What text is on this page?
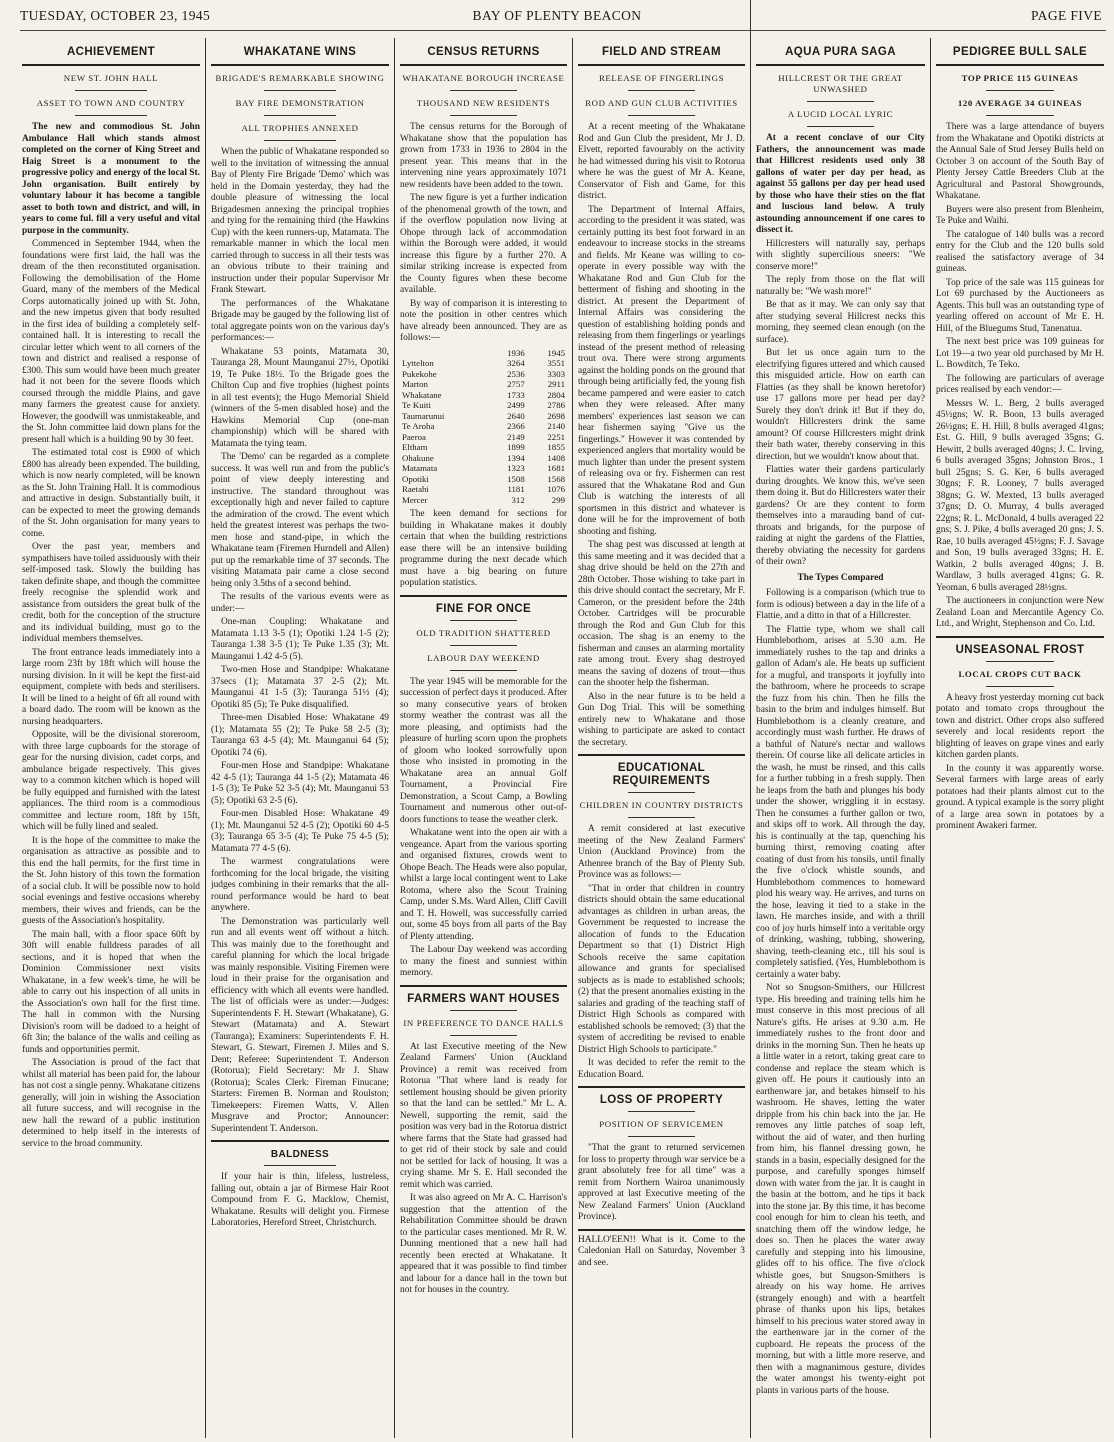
TUESDAY, OCTOBER 23, 1945	BAY OF PLENTY BEACON	PAGE FIVE
ACHIEVEMENT
NEW ST. JOHN HALL
ASSET TO TOWN AND COUNTRY

The new and commodious St. John Ambulance Hall which stands almost completed on the corner of King Street and Haig Street is a monument to the progressive policy and energy of the local St. John organisation. Built entirely by voluntary labour it has become a tangible asset to both town and district, and will, in years to come ful. fill a very useful and vital purpose in the community.

Commenced in September 1944, when the foundations were first laid, the hall was the dream of the then reconstituted organisation. Following the demobilisation of the Home Guard, many of the members of the Medical Corps automatically joined up with St. John, and the new impetus given that body resulted in the first idea of building a completely self-contained hall. It is interesting to recall the circular letter which went to all corners of the town and district and realised a response of £300. This sum would have been much greater had it not been for the severe floods which coursed through the middle Plains, and gave many farmers the greatest cause for anxiety. However, the goodwill was unmistakeable, and the St. John committee laid down plans for the present hall which is a building 90 by 30 feet.

The estimated total cost is £900 of which £800 has already been expended. The building, which is now nearly completed, will be known as the St. John Training Hall. It is commodious and attractive in design. Substantially built, it can be expected to meet the growing demands of the St. John organisation for many years to come.

Over the past year, members and sympathisers have toiled assiduously with their self-imposed task. Slowly the building has taken definite shape, and though the committee freely recognise the splendid work and assistance from outsiders the great bulk of the credit, both for the conception of the structure and its individual building, must go to the individual members themselves.

The front entrance leads immediately into a large room 23ft by 18ft which will house the nursing division. In it will be kept the first-aid equipment, complete with beds and sterilisers. It will be lined to a height of 6ft all round with a board dado. The room will be known as the nursing headquarters.

Opposite, will be the divisional storeroom, with three large cupboards for the storage of gear for the nursing division, cadet corps, and ambulance brigade respectively. This gives way to a common kitchen which is hoped will be fully equipped and furnished with the latest appliances. The third room is a commodious committee and lecture room, 18ft by 15ft, which will be fully lined and sealed.

It is the hope of the committee to make the organisation as attractive as possible and to this end the hall permits, for the first time in the St. John history of this town the formation of a social club. It will be possible now to hold social evenings and festive occasions whereby members, their wives and friends, can be the guests of the Association's hospitality.

The main hall, with a floor space 60ft by 30ft will enable fulldress parades of all sections, and it is hoped that when the Dominion Commissioner next visits Whakatane, in a few week's time, he will be able to carry out his inspection of all units in the Association's own hall for the first time. The hall in common with the Nursing Division's room will be dadoed to a height of 6ft 3in; the balance of the walls and ceiling as funds and opportunities permit.

The Association is proud of the fact that whilst all material has been paid for, the labour has not cost a single penny. Whakatane citizens generally, will join in wishing the Association all future success, and will recognise in the new hall the reward of a public institution determined to help itself in the interests of service to the broad community.

WHAKATANE WINS
BRIGADE'S REMARKABLE SHOWING
BAY FIRE DEMONSTRATION
ALL TROPHIES ANNEXED

When the public of Whakatane responded so well to the invitation of witnessing the annual Bay of Plenty Fire Brigade 'Demo' which was held in the Domain yesterday, they had the double pleasure of witnessing the local Brigadesmen annexing the principal trophies and tying for the remaining third (the Hawkins Cup) with the keen runners-up, Matamata. The remarkable manner in which the local men carried through to success in all their tests was an obvious tribute to their training and instruction under their popular Supervisor Mr Frank Stewart.

The performances of the Whakatane Brigade may be gauged by the following list of total aggregate points won on the various day's performances:—

Whakatane 53 points, Matamata 30, Tauranga 28, Mount Maunganui 27½, Opotiki 19, Te Puke 18½. To the Brigade goes the Chilton Cup and five trophies (highest points in all test events); the Hugo Memorial Shield (winners of the 5-men disabled hose) and the Hawkins Memorial Cup (one-man championship) which will be shared with Matamata the tying team.

The 'Demo' can be regarded as a complete success. It was well run and from the public's point of view deeply interesting and instructive. The standard throughout was exceptionally high and never failed to capture the admiration of the crowd. The event which held the greatest interest was perhaps the two-men hose and stand-pipe, in which the Whakatane team (Firemen Hurndell and Allen) put up the remarkable time of 37 seconds. The visiting Matamata pair came a close second being only 3.5ths of a second behind.

The results of the various events were as under:—

One-man Coupling: Whakatane and Matamata 1.13 3-5 (1); Opotiki 1.24 1-5 (2); Tauranga 1.38 3-5 (1); Te Puke 1.35 (3); Mt. Maunganui 1.42 4-5 (5).

Two-men Hose and Standpipe: Whakatane 37secs (1); Matamata 37 2-5 (2); Mt. Maunganui 41 1-5 (3); Tauranga 51½ (4); Opotiki 85 (5); Te Puke disqualified.

Three-men Disabled Hose: Whakatane 49 (1); Matamata 55 (2); Te Puke 58 2-5 (3); Tauranga 63 4-5 (4); Mt. Maunganui 64 (5); Opotiki 74 (6).

Four-men Hose and Standpipe: Whakatane 42 4-5 (1); Tauranga 44 1-5 (2); Matamata 46 1-5 (3); Te Puke 52 3-5 (4); Mt. Maunganui 53 (5); Opotiki 63 2-5 (6).

Four-men Disabled Hose: Whakatane 49 (1); Mt. Maunganui 52 4-5 (2); Opotiki 60 4-5 (3); Tauranga 65 3-5 (4); Te Puke 75 4-5 (5); Matamata 77 4-5 (6).

The warmest congratulations were forthcoming for the local brigade, the visiting judges combining in their remarks that the all-round performance would be hard to beat anywhere.

The Demonstration was particularly well run and all events went off without a hitch. This was mainly due to the forethought and careful planning for which the local brigade was mainly responsible. Visiting Firemen were loud in their praise for the organisation and efficiency with which all events were handled. The list of officials were as under:—Judges: Superintendents F. H. Stewart (Whakatane), G. Stewart (Matamata) and A. Stewart (Tauranga); Examiners: Superintendents F. H. Stewart, G. Stewart, Firemen J. Miles and S. Dent; Referee: Superintendent T. Anderson (Rotorua); Field Secretary: Mr J. Shaw (Rotorua); Scales Clerk: Fireman Finucane; Starters: Firemen B. Norman and Roulston; Timekeepers: Firemen Watts, V. Allen Musgrave and Proctor; Announcer: Superintendent T. Anderson.

BALDNESS

If your hair is thin, lifeless, lustreless, falling out, obtain a jar of Birmese Hair Root Compound from F. G. Macklow, Chemist, Whakatane. Results will delight you. Firmese Laboratories, Hereford Street, Christchurch.

CENSUS RETURNS
WHAKATANE BOROUGH INCREASE
THOUSAND NEW RESIDENTS

The census returns for the Borough of Whakatane show that the population has grown from 1733 in 1936 to 2804 in the present year. This means that in the intervening nine years approximately 1071 new residents have been added to the town.

The new figure is yet a further indication of the phenomenal growth of the town, and if the overflow population now living at Ohope through lack of accommodation within the Borough were added, it would increase this figure by a further 270. A similar striking increase is expected from the County figures when these become available.

By way of comparison it is interesting to note the position in other centres which have already been announced. They are as follows:—

	1936	1945
Lyttelton	3264	3551
Pukekohe	2536	3303
Marton	2757	2911
Whakatane	1733	2804
Te Kuiti	2499	2786
Taumarunui	2640	2698
Te Aroha	2366	2140
Paeroa	2149	2251
Eltham	1899	1855
Ohakune	1394	1408
Matamata	1323	1681
Opotiki	1508	1568
Raetahi	1181	1076
Mercer	312	299

The keen demand for sections for building in Whakatane makes it doubly certain that when the building restrictions ease there will be an intensive building programme during the next decade which must have a big bearing on future population statistics.

FINE FOR ONCE
OLD TRADITION SHATTERED
LABOUR DAY WEEKEND

The year 1945 will be memorable for the succession of perfect days it produced. After so many consecutive years of broken stormy weather the contrast was all the more pleasing, and optimists had the pleasure of hurling scorn upon the prophets of gloom who looked sorrowfully upon those who insisted in promoting in the Whakatane area an annual Golf Tournament, a Provincial Fire Demonstration, a Scout Camp, a Bowling Tournament and numerous other out-of-doors functions to tease the weather clerk.

Whakatane went into the open air with a vengeance. Apart from the various sporting and organised fixtures, crowds went to Ohope Beach. The Heads were also popular, whilst a large local contingent went to Lake Rotoma, where also the Scout Training Camp, under S.Ms. Ward Allen, Cliff Cavill and T. H. Howell, was successfully carried out, some 45 boys from all parts of the Bay of Plenty attending.

The Labour Day weekend was according to many the finest and sunniest within memory.

FARMERS WANT HOUSES
IN PREFERENCE TO DANCE HALLS

At last Executive meeting of the New Zealand Farmers' Union (Auckland Province) a remit was received from Rotorua "That where land is ready for settlement housing should be given priority so that the land can be settled." Mr L. A. Newell, supporting the remit, said the position was very bad in the Rotorua district where farms that the State had grassed had to get rid of their stock by sale and could not be settled for lack of housing. It was a crying shame. Mr S. E. Hall seconded the remit which was carried.

It was also agreed on Mr A. C. Harrison's suggestion that the attention of the Rehabilitation Committee should be drawn to the particular cases mentioned. Mr R. W. Dunning mentioned that a new hall had recently been erected at Whakatane. It appeared that it was possible to find timber and labour for a dance hall in the town but not for houses in the country.

FIELD AND STREAM
RELEASE OF FINGERLINGS
ROD AND GUN CLUB ACTIVITIES

At a recent meeting of the Whakatane Rod and Gun Club the president, Mr J. D. Elvett, reported favourably on the activity he had witnessed during his visit to Rotorua where he was the guest of Mr A. Keane, Conservator of Fish and Game, for this district.

The Department of Internal Affairs, according to the president it was stated, was certainly putting its best foot forward in an endeavour to increase stocks in the streams and fields. Mr Keane was willing to co-operate in every possible way with the Whakatane Rod and Gun Club for the betterment of fishing and shooting in the district. At present the Department of Internal Affairs was considering the question of establishing holding ponds and releasing from them fingerlings or yearlings instead of the present method of releasing trout ova. There were strong arguments against the holding ponds on the ground that through being artificially fed, the young fish became pampered and were easier to catch when they were released. After many members' experiences last season we can hear fishermen saying "Give us the fingerlings." However it was contended by experienced anglers that mortality would be much lighter than under the present system of releasing ova or fry. Fishermen can rest assured that the Whakatane Rod and Gun Club is watching the interests of all sportsmen in this district and whatever is done will be for the improvement of both shooting and fishing.

The shag pest was discussed at length at this same meeting and it was decided that a shag drive should be held on the 27th and 28th October. Those wishing to take part in this drive should contact the secretary, Mr F. Cameron, or the president before the 24th October. Cartridges will be procurable through the Rod and Gun Club for this occasion. The shag is an enemy to the fisherman and causes an alarming mortality rate among trout. Every shag destroyed means the saving of dozens of trout—thus can the shooter help the fisherman.

Also in the near future is to be held a Gun Dog Trial. This will be something entirely new to Whakatane and those wishing to participate are asked to contact the secretary.

EDUCATIONAL REQUIREMENTS
CHILDREN IN COUNTRY DISTRICTS

A remit considered at last executive meeting of the New Zealand Farmers' Union (Auckland Province) from the Athenree branch of the Bay of Plenty Sub. Province was as follows:—

"That in order that children in country districts should obtain the same educational advantages as children in urban areas, the Government be requested to increase the allocation of funds to the Education Department so that (1) District High Schools receive the same capitation allowance and grants for specialised subjects as is made to established schools; (2) that the present anomalies existing in the salaries and grading of the teaching staff of District High Schools as compared with established schools be removed; (3) that the system of accrediting be revised to enable District High Schools to participate."

It was decided to refer the remit to the Education Board.

LOSS OF PROPERTY
POSITION OF SERVICEMEN

"That the grant to returned servicemen for loss to property through war service be a grant absolutely free for all time" was a remit from Northern Wairoa unanimously approved at last Executive meeting of the New Zealand Farmers' Union (Auckland Province).

HALLO'EEN!! What is it. Come to the Caledonian Hall on Saturday, November 3 and see.

AQUA PURA SAGA
HILLCREST OR THE GREAT UNWASHED
A LUCID LOCAL LYRIC

At a recent conclave of our City Fathers, the announcement was made that Hillcrest residents used only 38 gallons of water per day per head, as against 55 gallons per day per head used by those who have their sties on the flat and luscious land below. A truly astounding announcement if one cares to dissect it.

Hillcresters will naturally say, perhaps with slightly supercilious sneers: "We conserve more!"

The reply from those on the flat will naturally be: "We wash more!"

Be that as it may. We can only say that after studying several Hillcrest necks this morning, they seemed clean enough (on the surface).

But let us once again turn to the electrifying figures uttered and which caused this misguided article. How on earth can Flatties (as they shall be known heretofor) use 17 gallons more per head per day? Surely they don't drink it! But if they do, wouldn't Hillcresters drink the same amount? Of course Hillcresters might drink their bath water, thereby conserving in this direction, but we wouldn't know about that.

Flatties water their gardens particularly during droughts. We know this, we've seen them doing it. But do Hillcresters water their gardens? Or are they content to form themselves into a marauding band of cut-throats and brigands, for the purpose of raiding at night the gardens of the Flatties, thereby obviating the necessity for gardens of their own?

The Types Compared

Following is a comparison (which true to form is odious) between a day in the life of a Flattie, and a ditto in that of a Hillcrester.

The Flattie type, whom we shall call Humblebothom, arises at 5.30 a.m. He immediately rushes to the tap and drinks a gallon of Adam's ale. He beats up sufficient for a mugful, and transports it joyfully into the bathroom, where he proceeds to scrape the fuzz from his chin. Then he fills the basin to the brim and indulges himself. But Humblebothom is a cleanly creature, and accordingly must wash further. He draws of a bathful of Nature's nectar and wallows therein. Of course like all delicate articles in the wash, he must be rinsed, and this calls for a further tubbing in a fresh supply. Then he leaps from the bath and plunges his body under the shower, wriggling it in ecstasy. Then he consumes a further gallon or two, and skips off to work. All through the day, his is continually at the tap, quenching his burning thirst, removing coating after coating of dust from his tonsils, until finally the five o'clock whistle sounds, and Humblebothom commences to homeward plod his weary way. He arrives, and turns on the hose, leaving it tied to a stake in the lawn. He marches inside, and with a thrill coo of joy hurls himself into a veritable orgy of drinking, washing, tubbing, showering, shaving, teeth-cleaning etc., till his soul is completely satisfied. (Yes, Humblebothom is certainly a water baby.

Not so Snugson-Smithers, our Hillcrest type. His breeding and training tells him he must conserve in this most precious of all Nature's gifts. He arises at 9.30 a.m. He immediately rushes to the front door and drinks in the morning Sun. Then he heats up a little water in a retort, taking great care to condense and replace the steam which is given off. He pours it cautiously into an earthenware jar, and betakes himself to his washroom. He shaves, letting the water dripple from his chin back into the jar. He removes any little patches of soap left, without the aid of water, and then hurling from him, his flannel dressing gown, he stands in a basin, especially designed for the purpose, and carefully sponges himself down with water from the jar. It is caught in the basin at the bottom, and he tips it back into the stone jar. By this time, it has become cool enough for him to clean his teeth, and snatching them off the window ledge, he does so. Then he places the water away carefully and stepping into his limousine, glides off to his office. The five o'clock whistle goes, but Snugson-Smithers is already on his way home. He arrives (strangely enough) and with a heartfelt phrase of thanks upon his lips, betakes himself to his precious water stored away in the earthenware jar in the corner of the cupboard. He repeats the process of the morning, but with a little more reserve, and then with a magnanimous gesture, divides the water amongst his twenty-eight pot plants in various parts of the house.

PEDIGREE BULL SALE
TOP PRICE 115 GUINEAS
120 AVERAGE 34 GUINEAS

There was a large attendance of buyers from the Whakatane and Opotiki districts at the Annual Sale of Stud Jersey Bulls held on October 3 on account of the South Bay of Plenty Jersey Cattle Breeders Club at the Agricultural and Pastoral Showgrounds, Whakatane.

Buyers were also present from Blenheim, Te Puke and Waihi.

The catalogue of 140 bulls was a record entry for the Club and the 120 bulls sold realised the satisfactory average of 34 guineas.

Top price of the sale was 115 guineas for Lot 69 purchased by the Auctioneers as Agents. This bull was an outstanding type of yearling offered on account of Mr E. H. Hill, of the Bluegums Stud, Tanenatua.

The next best price was 109 guineas for Lot 19—a two year old purchased by Mr H. L. Bowditch, Te Teko.

The following are particulars of average prices realised by each vendor:—

Messrs W. L. Berg, 2 bulls averaged 45½gns; W. R. Boon, 13 bulls averaged 26½gns; E. H. Hill, 8 bulls averaged 41gns; Est. G. Hill, 9 bulls averaged 35gns; G. Hewitt, 2 bulls averaged 40gns; J. C. Irving, 6 bulls averaged 35gns; Johnston Bros., 1 bull 25gns; S. G. Ker, 6 bulls averaged 30gns; F. R. Looney, 7 bulls averaged 38gns; G. W. Mexted, 13 bulls averaged 37gns; D. O. Murray, 4 bulls averaged 22gns; R. L. McDonald, 4 bulls averaged 22 gns; S. J. Pike, 4 bulls averaged 20 gns; J. S. Rae, 10 bulls averaged 45½gns; F. J. Savage and Son, 19 bulls averaged 33gns; H. E. Watkin, 2 bulls averaged 40gns; J. B. Wardlaw, 3 bulls averaged 41gns; G. R. Yeoman, 6 bulls averaged 28½gns.

The auctioneers in conjunction were New Zealand Loan and Mercantile Agency Co. Ltd., and Wright, Stephenson and Co. Ltd.

UNSEASONAL FROST
LOCAL CROPS CUT BACK

A heavy frost yesterday morning cut back potato and tomato crops throughout the town and district. Other crops also suffered severely and local residents report the blighting of leaves on grape vines and early kitchen garden plants.

In the county it was apparently worse. Several farmers with large areas of early potatoes had their plants almost cut to the ground. A typical example is the sorry plight of a large area sown in potatoes by a prominent Awakeri farmer.
